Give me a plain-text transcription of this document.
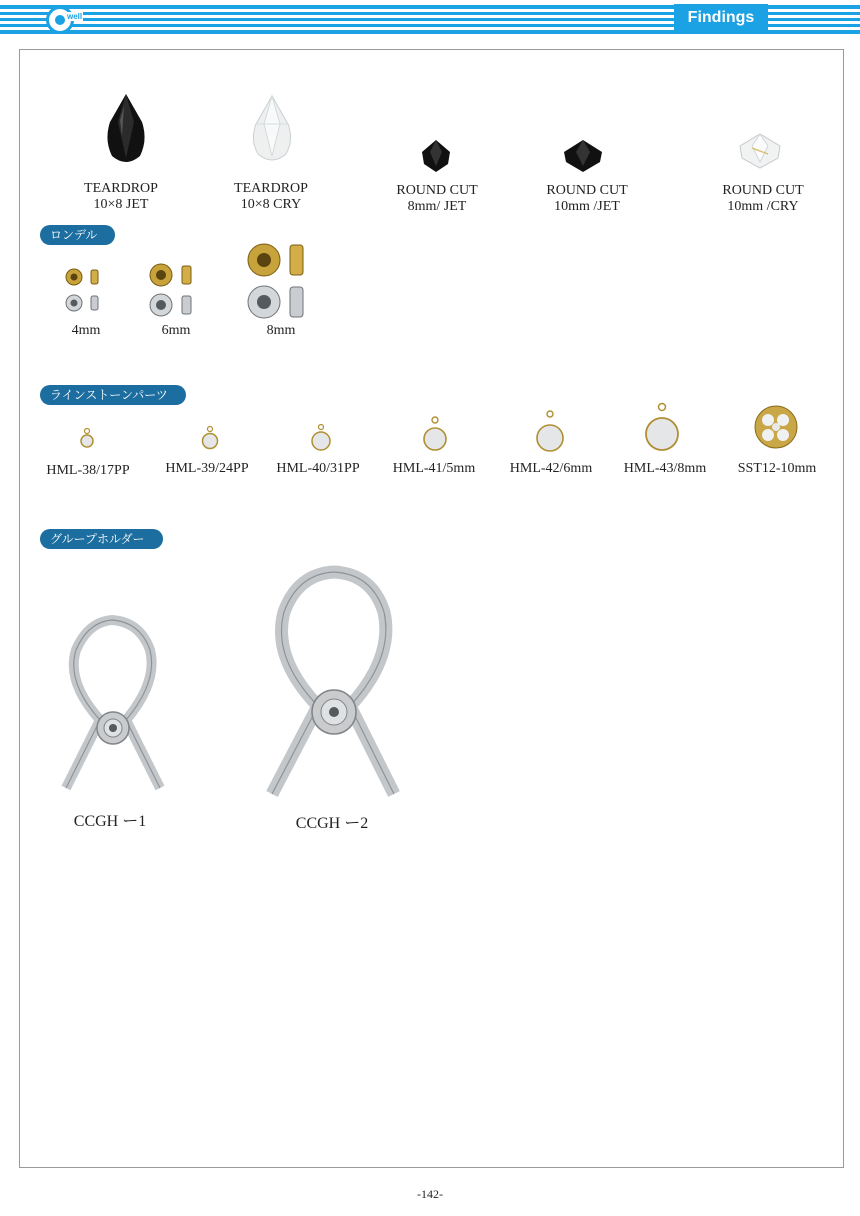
well	Findings
TEARDROP
10×8 JET
TEARDROP
10×8 CRY
ROUND CUT
8mm/ JET
ROUND CUT
10mm /JET
ROUND CUT
10mm /CRY
ロンデル
4mm	6mm	8mm
ラインストーンパーツ
HML-38/17PP	HML-39/24PP	HML-40/31PP	HML-41/5mm	HML-42/6mm	HML-43/8mm	SST12-10mm
グループホルダー
CCGH ー1	CCGH ー2
-142-
